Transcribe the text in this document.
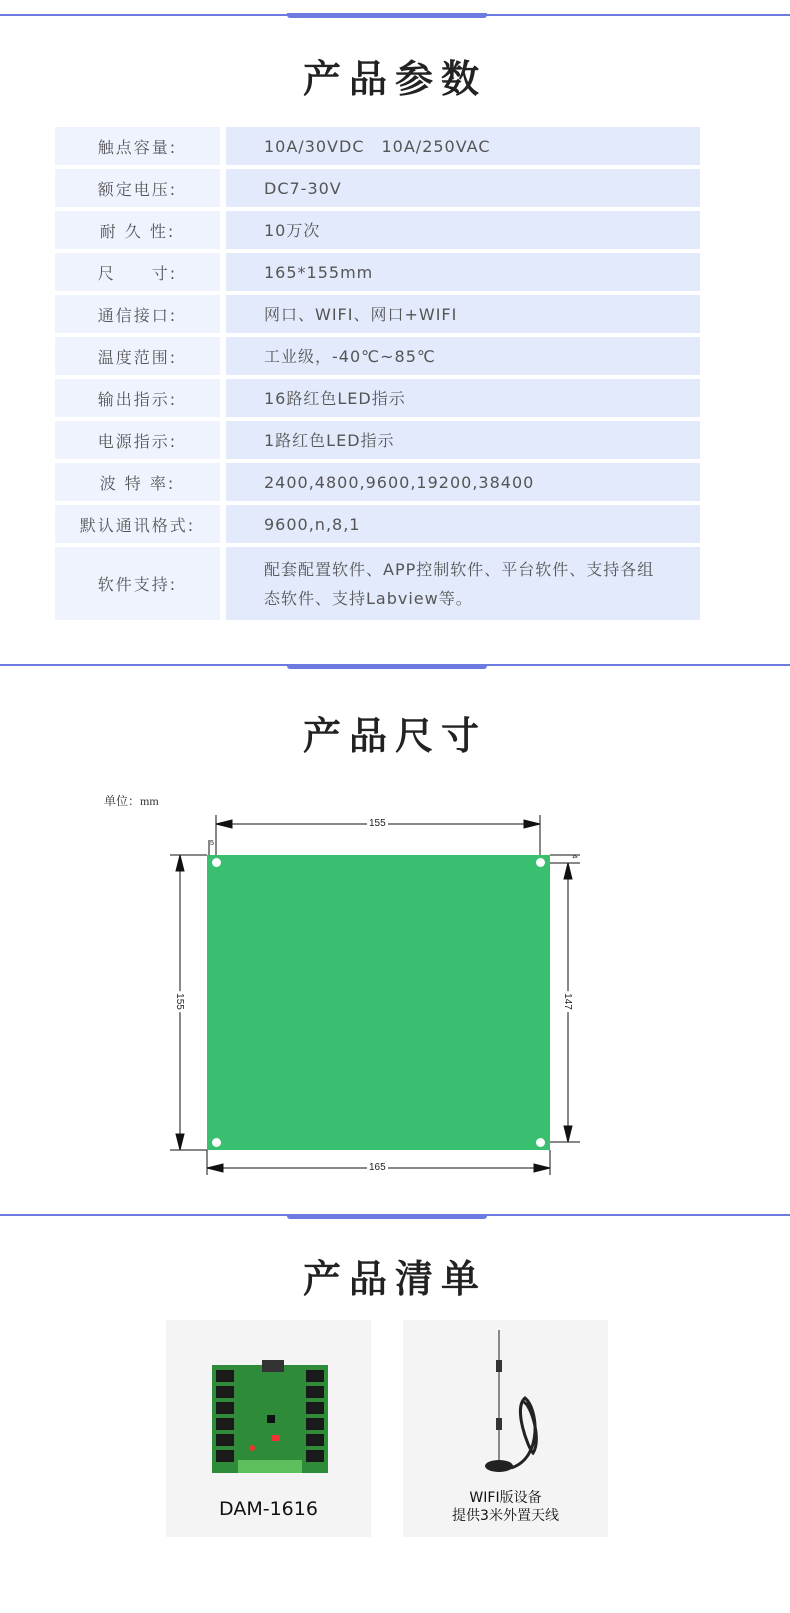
产品参数
触点容量:	10A/30VDC　10A/250VAC
额定电压:	DC7-30V
耐 久 性:	10万次
尺　　寸:	165*155mm
通信接口:	网口、WIFI、网口+WIFI
温度范围:	工业级，-40℃~85℃
输出指示:	16路红色LED指示
电源指示:	1路红色LED指示
波 特 率:	2400,4800,9600,19200,38400
默认通讯格式:	9600,n,8,1
软件支持:
配套配置软件、APP控制软件、平台软件、支持各组态软件、支持Labview等。
产品尺寸
单位：mm
155
165
155	147
5
4
产品清单
DAM-1616	WIFI版设备
提供3米外置天线
